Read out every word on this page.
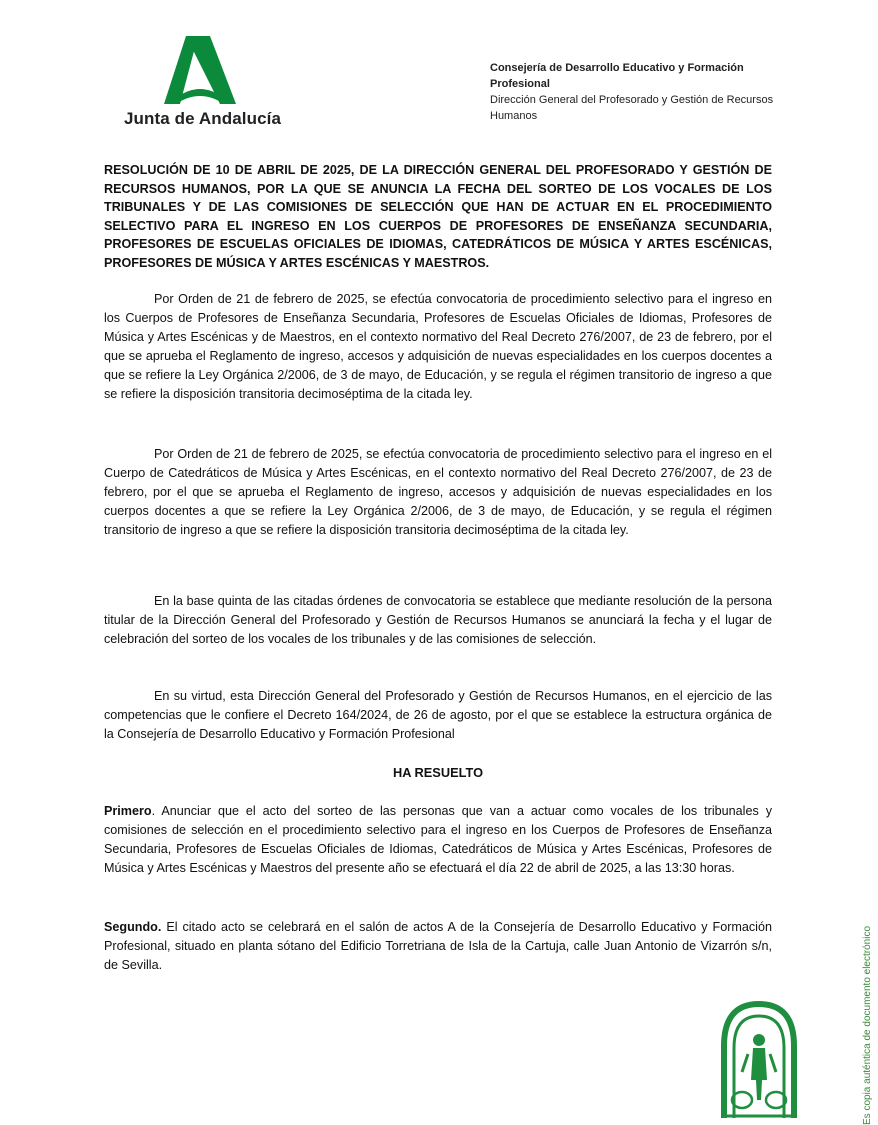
Junta de Andalucía
Consejería de Desarrollo Educativo y Formación Profesional
Dirección General del Profesorado y Gestión de Recursos Humanos
RESOLUCIÓN DE 10 DE ABRIL DE 2025, DE LA DIRECCIÓN GENERAL DEL PROFESORADO Y GESTIÓN DE RECURSOS HUMANOS, POR LA QUE SE ANUNCIA LA FECHA DEL SORTEO DE LOS VOCALES DE LOS TRIBUNALES Y DE LAS COMISIONES DE SELECCIÓN QUE HAN DE ACTUAR EN EL PROCEDIMIENTO SELECTIVO PARA EL INGRESO EN LOS CUERPOS DE PROFESORES DE ENSEÑANZA SECUNDARIA, PROFESORES DE ESCUELAS OFICIALES DE IDIOMAS, CATEDRÁTICOS DE MÚSICA Y ARTES ESCÉNICAS, PROFESORES DE MÚSICA Y ARTES ESCÉNICAS Y MAESTROS.
Por Orden de 21 de febrero de 2025, se efectúa convocatoria de procedimiento selectivo para el ingreso en los Cuerpos de Profesores de Enseñanza Secundaria, Profesores de Escuelas Oficiales de Idiomas, Profesores de Música y Artes Escénicas y de Maestros, en el contexto normativo del Real Decreto 276/2007, de 23 de febrero, por el que se aprueba el Reglamento de ingreso, accesos y adquisición de nuevas especialidades en los cuerpos docentes a que se refiere la Ley Orgánica 2/2006, de 3 de mayo, de Educación, y se regula el régimen transitorio de ingreso a que se refiere la disposición transitoria decimoséptima de la citada ley.
Por Orden de 21 de febrero de 2025, se efectúa convocatoria de procedimiento selectivo para el ingreso en el Cuerpo de Catedráticos de Música y Artes Escénicas, en el contexto normativo del Real Decreto 276/2007, de 23 de febrero, por el que se aprueba el Reglamento de ingreso, accesos y adquisición de nuevas especialidades en los cuerpos docentes a que se refiere la Ley Orgánica 2/2006, de 3 de mayo, de Educación, y se regula el régimen transitorio de ingreso a que se refiere la disposición transitoria decimoséptima de la citada ley.
En la base quinta de las citadas órdenes de convocatoria se establece que mediante resolución de la persona titular de la Dirección General del Profesorado y Gestión de Recursos Humanos se anunciará la fecha y el lugar de celebración del sorteo de los vocales de los tribunales y de las comisiones de selección.
En su virtud, esta Dirección General del Profesorado y Gestión de Recursos Humanos, en el ejercicio de las competencias que le confiere el Decreto 164/2024, de 26 de agosto, por el que se establece la estructura orgánica de la Consejería de Desarrollo Educativo y Formación Profesional
HA RESUELTO
Primero. Anunciar que el acto del sorteo de las personas que van a actuar como vocales de los tribunales y comisiones de selección en el procedimiento selectivo para el ingreso en los Cuerpos de Profesores de Enseñanza Secundaria, Profesores de Escuelas Oficiales de Idiomas, Catedráticos de Música y Artes Escénicas, Profesores de Música y Artes Escénicas y Maestros del presente año se efectuará el día 22 de abril de 2025, a las 13:30 horas.
Segundo. El citado acto se celebrará en el salón de actos A de la Consejería de Desarrollo Educativo y Formación Profesional, situado en planta sótano del Edificio Torretriana de Isla de la Cartuja, calle Juan Antonio de Vizarrón s/n, de Sevilla.	Es copia auténtica de documento electrónico
